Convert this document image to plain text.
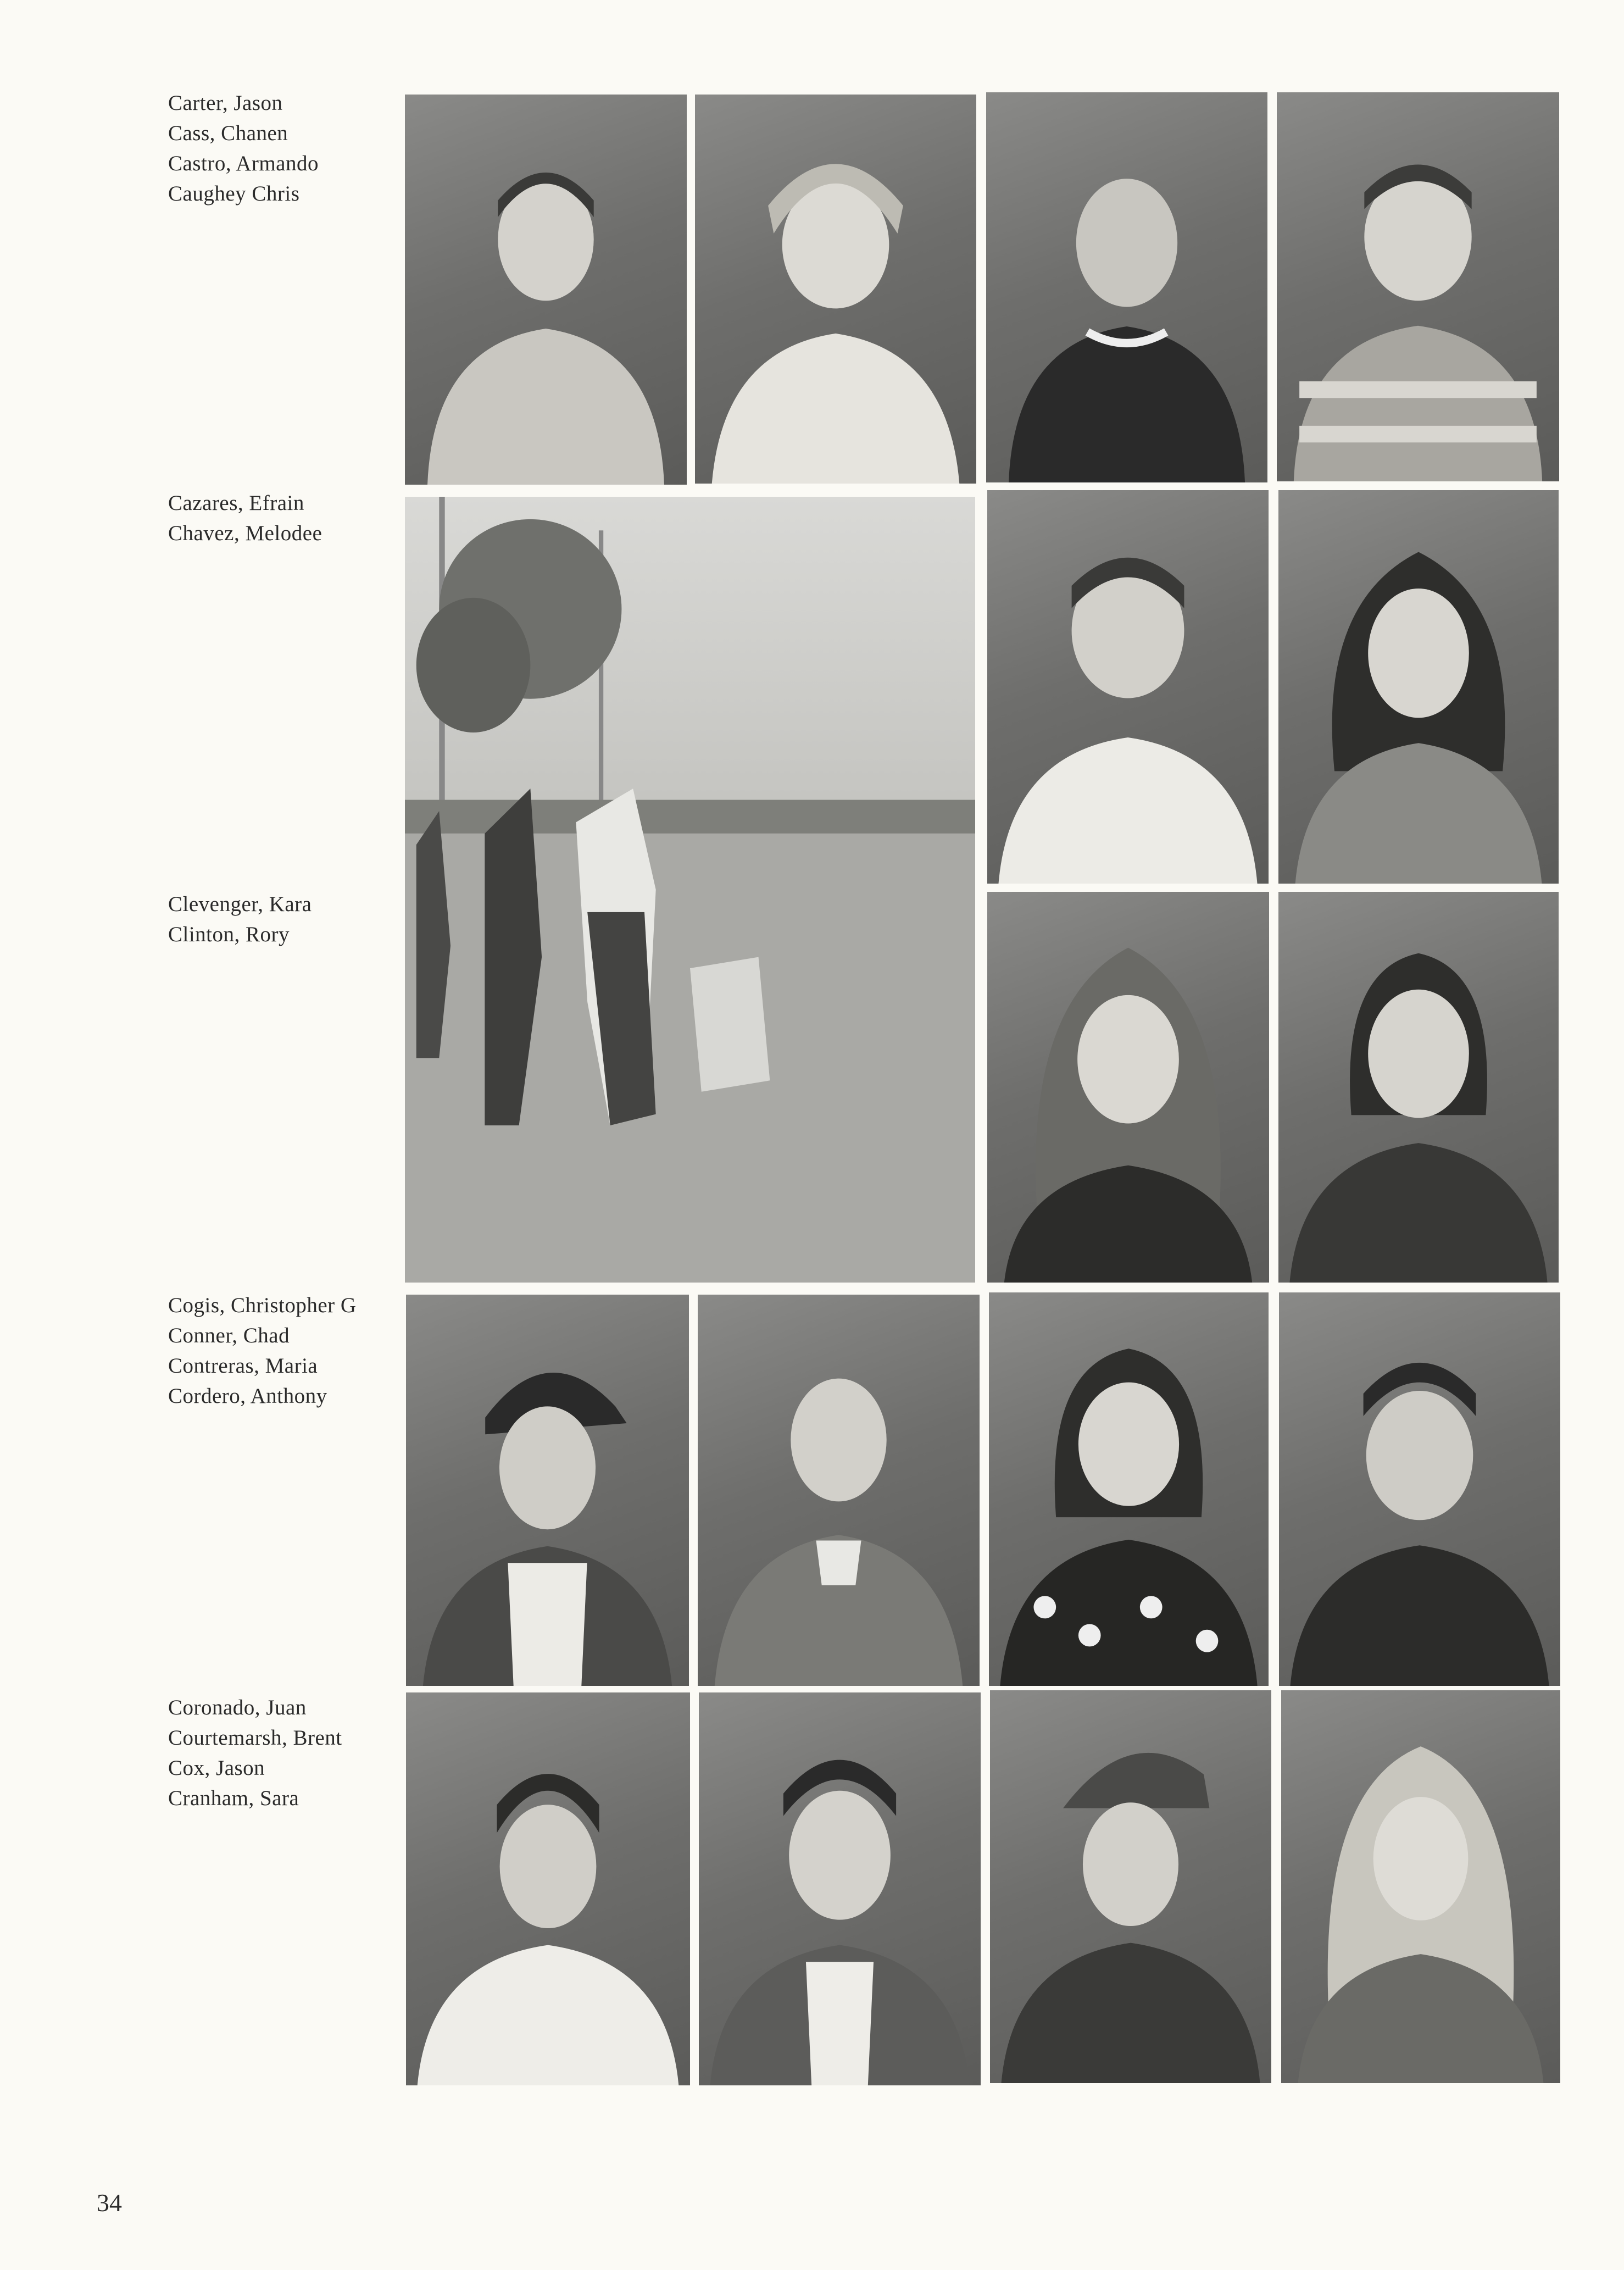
Carter, Jason
Cass, Chanen
Castro, Armando
Caughey Chris
Cazares, Efrain
Chavez, Melodee
Clevenger, Kara
Clinton, Rory
Cogis, Christopher G
Conner, Chad
Contreras, Maria
Cordero, Anthony
Coronado, Juan
Courtemarsh, Brent
Cox, Jason
Cranham, Sara
34
